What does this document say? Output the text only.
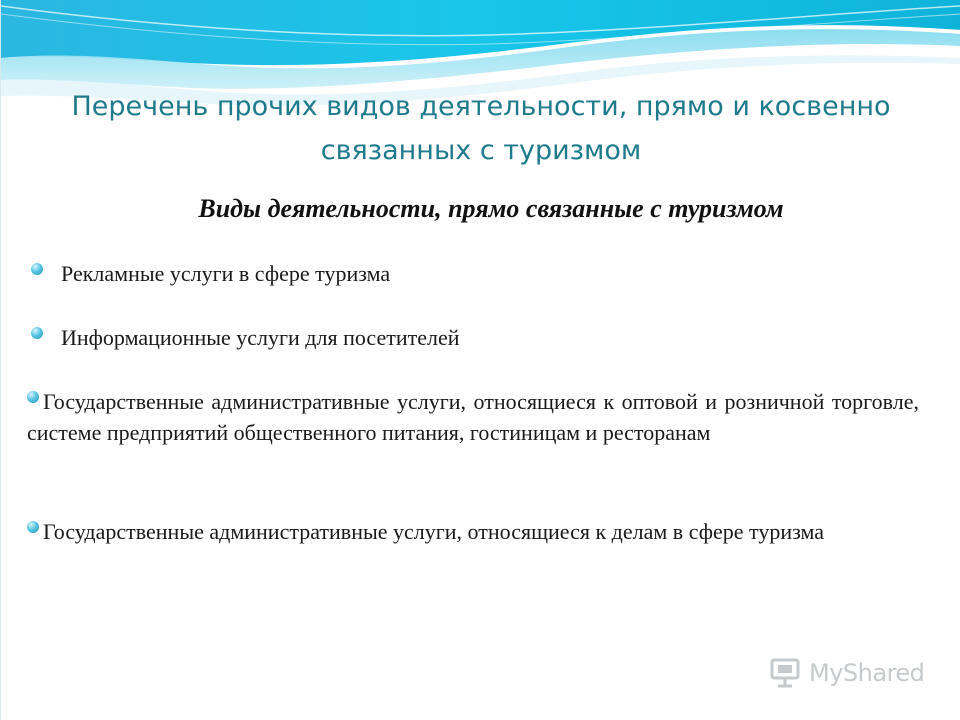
Перечень прочих видов деятельности, прямо и косвенно связанных с туризмом
Виды деятельности, прямо связанные с туризмом
Рекламные услуги в сфере туризма
Информационные услуги для посетителей
Государственные административные услуги, относящиеся к оптовой и розничной торговле, системе предприятий общественного питания, гостиницам и ресторанам
Государственные административные услуги, относящиеся к делам в сфере туризма
MyShared
